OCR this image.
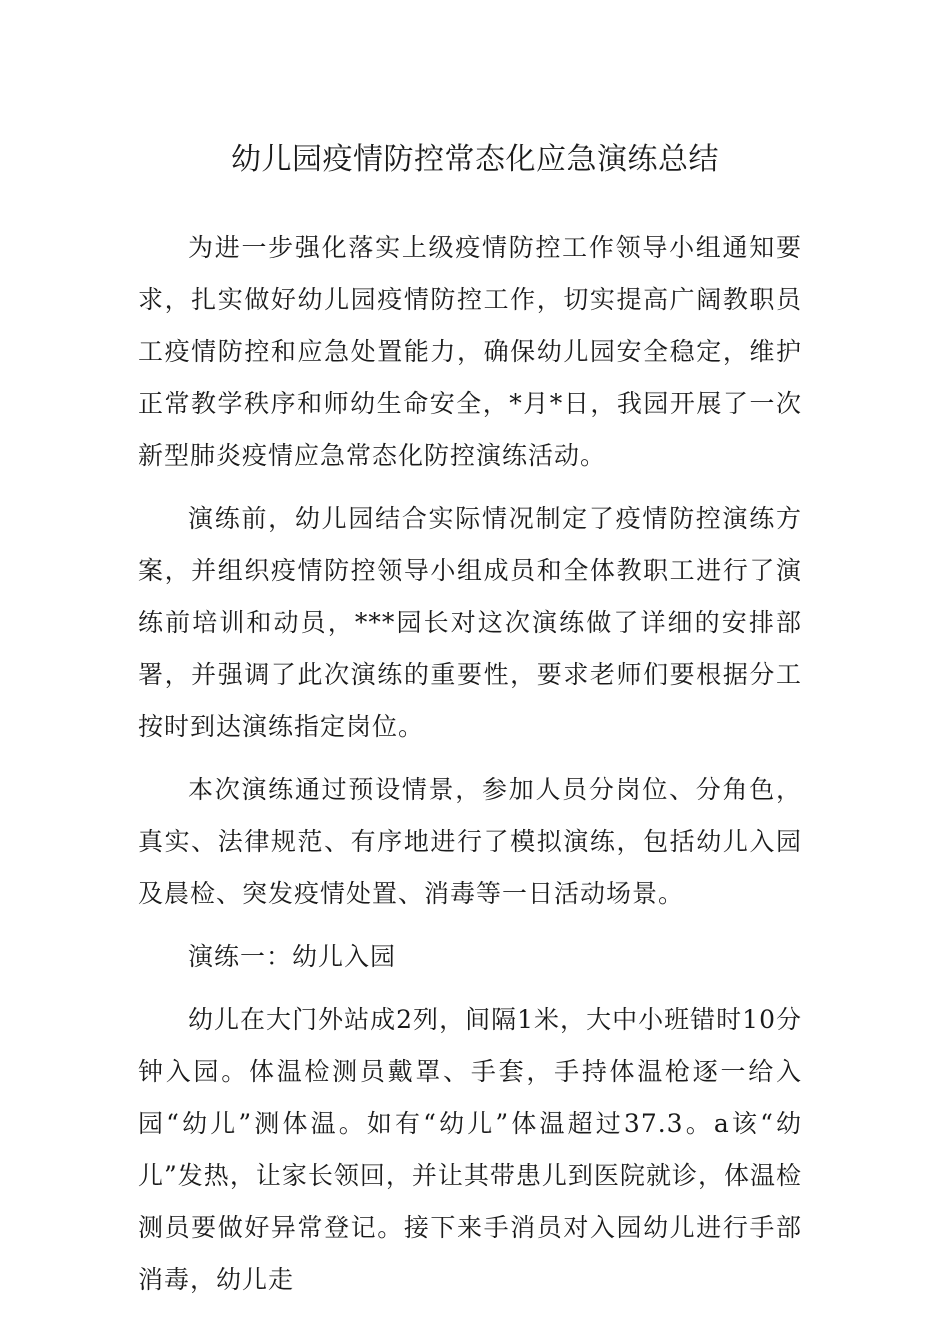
幼儿园疫情防控常态化应急演练总结

为进一步强化落实上级疫情防控工作领导小组通知要求，扎实做好幼儿园疫情防控工作，切实提高广阔教职员工疫情防控和应急处置能力，确保幼儿园安全稳定，维护正常教学秩序和师幼生命安全，*月*日，我园开展了一次新型肺炎疫情应急常态化防控演练活动。

演练前，幼儿园结合实际情况制定了疫情防控演练方案，并组织疫情防控领导小组成员和全体教职工进行了演练前培训和动员，***园长对这次演练做了详细的安排部署，并强调了此次演练的重要性，要求老师们要根据分工按时到达演练指定岗位。

本次演练通过预设情景，参加人员分岗位、分角色，真实、法律规范、有序地进行了模拟演练，包括幼儿入园及晨检、突发疫情处置、消毒等一日活动场景。

演练一：幼儿入园

幼儿在大门外站成2列，间隔1米，大中小班错时10分钟入园。体温检测员戴罩、手套，手持体温枪逐一给入园“幼儿”测体温。如有“幼儿”体温超过37.3。a该“幼儿”发热，让家长领回，并让其带患儿到医院就诊，体温检测员要做好异常登记。接下来手消员对入园幼儿进行手部消毒，幼儿走
